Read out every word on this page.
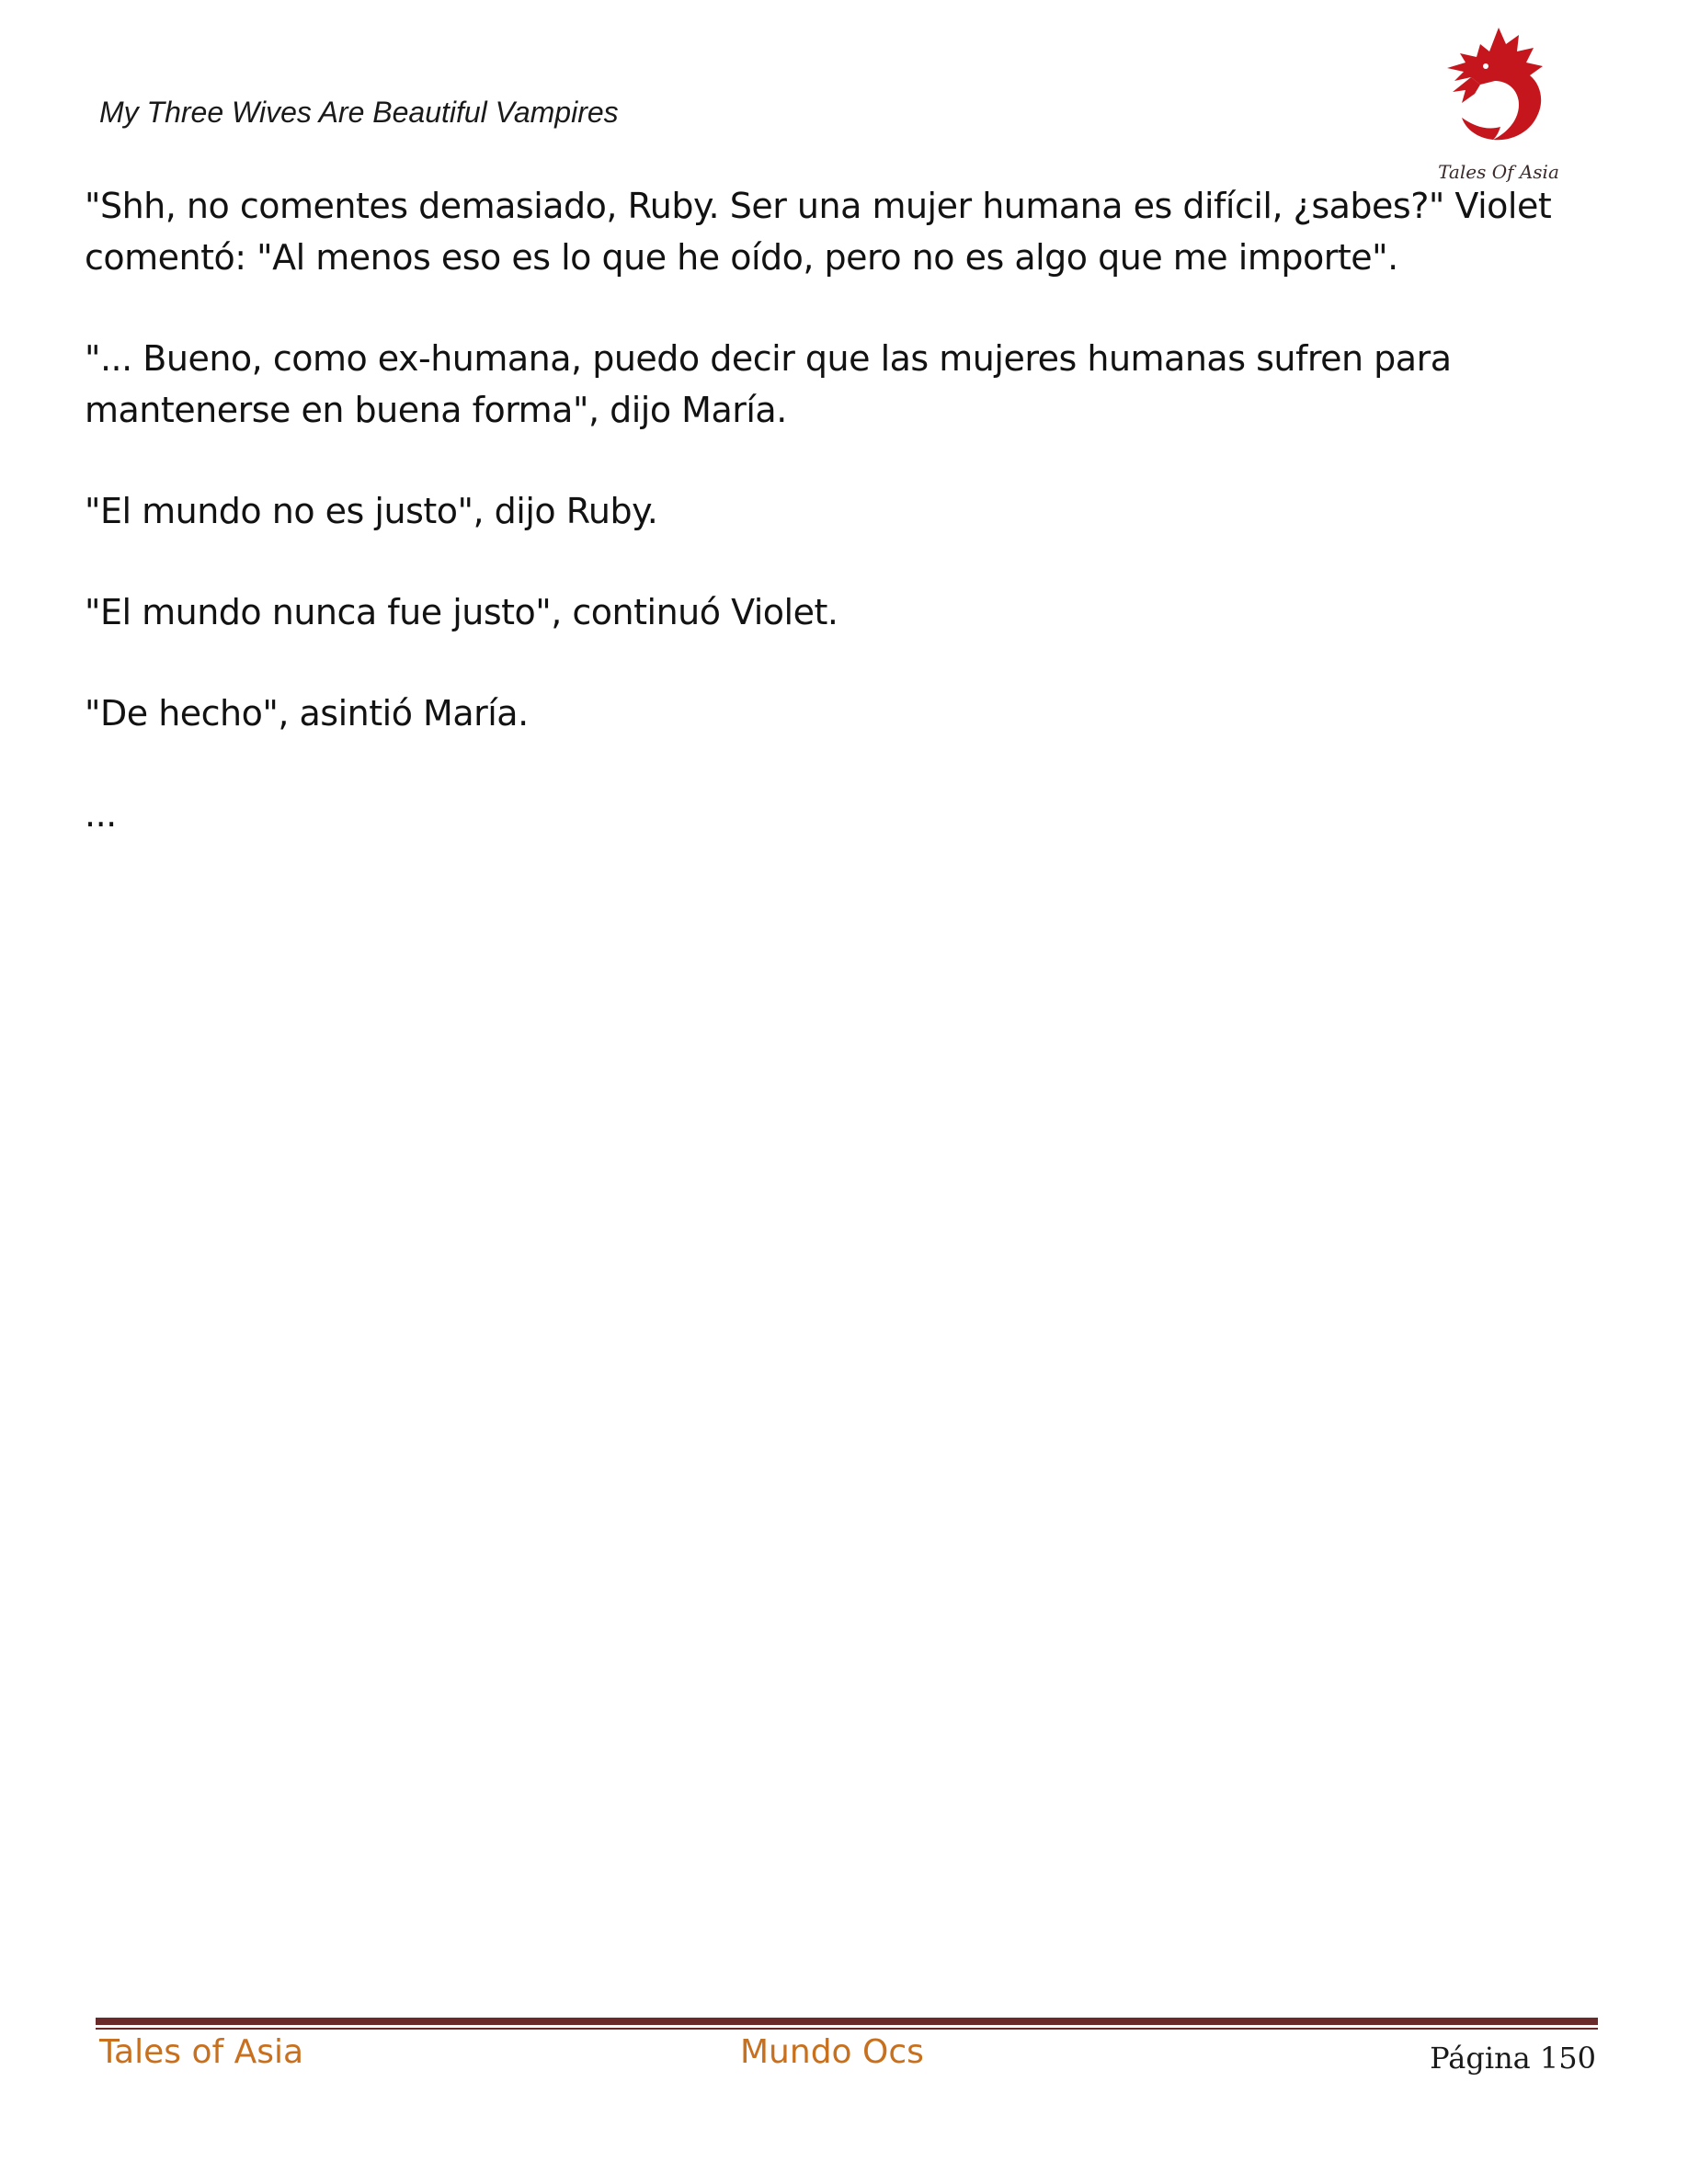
My Three Wives Are Beautiful Vampires
Tales Of Asia

"Shh, no comentes demasiado, Ruby. Ser una mujer humana es difícil, ¿sabes?" Violet comentó: "Al menos eso es lo que he oído, pero no es algo que me importe".

"... Bueno, como ex-humana, puedo decir que las mujeres humanas sufren para mantenerse en buena forma", dijo María.

"El mundo no es justo", dijo Ruby.

"El mundo nunca fue justo", continuó Violet.

"De hecho", asintió María.

...

Tales of Asia	Mundo Ocs	Página 150
